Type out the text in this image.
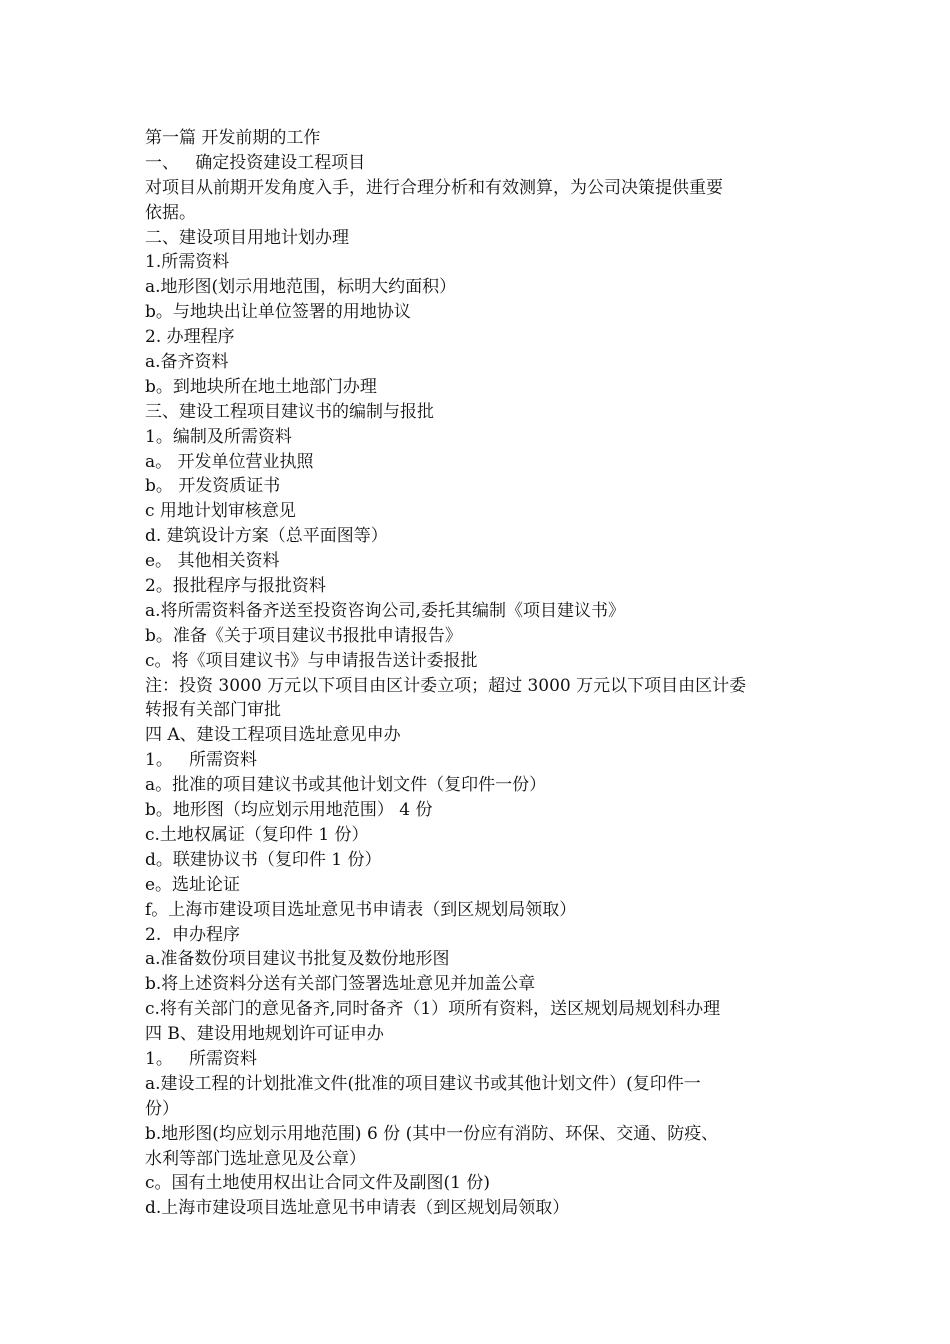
第一篇 开发前期的工作
一、   确定投资建设工程项目
对项目从前期开发角度入手，进行合理分析和有效测算，为公司决策提供重要
依据。
二、建设项目用地计划办理
1.所需资料
a.地形图(划示用地范围，标明大约面积）
b。与地块出让单位签署的用地协议
2. 办理程序
a.备齐资料
b。到地块所在地土地部门办理
三、建设工程项目建议书的编制与报批
1。编制及所需资料
a。 开发单位营业执照
b。 开发资质证书
c 用地计划审核意见
d. 建筑设计方案（总平面图等）
e。 其他相关资料
2。报批程序与报批资料
a.将所需资料备齐送至投资咨询公司,委托其编制《项目建议书》
b。准备《关于项目建议书报批申请报告》
c。将《项目建议书》与申请报告送计委报批
注：投资 3000 万元以下项目由区计委立项；超过 3000 万元以下项目由区计委
转报有关部门审批
四 A、建设工程项目选址意见申办
1。   所需资料
a。批准的项目建议书或其他计划文件（复印件一份）
b。地形图（均应划示用地范围） 4 份
c.土地权属证（复印件 1 份）
d。联建协议书（复印件 1 份）
e。选址论证
f。上海市建设项目选址意见书申请表（到区规划局领取）
2.  申办程序
a.准备数份项目建议书批复及数份地形图
b.将上述资料分送有关部门签署选址意见并加盖公章
c.将有关部门的意见备齐,同时备齐（1）项所有资料，送区规划局规划科办理
四 B、建设用地规划许可证申办
1。   所需资料
a.建设工程的计划批准文件(批准的项目建议书或其他计划文件）(复印件一
份）
b.地形图(均应划示用地范围) 6 份 (其中一份应有消防、环保、交通、防疫、
水利等部门选址意见及公章）
c。国有土地使用权出让合同文件及副图(1 份)
d.上海市建设项目选址意见书申请表（到区规划局领取）
